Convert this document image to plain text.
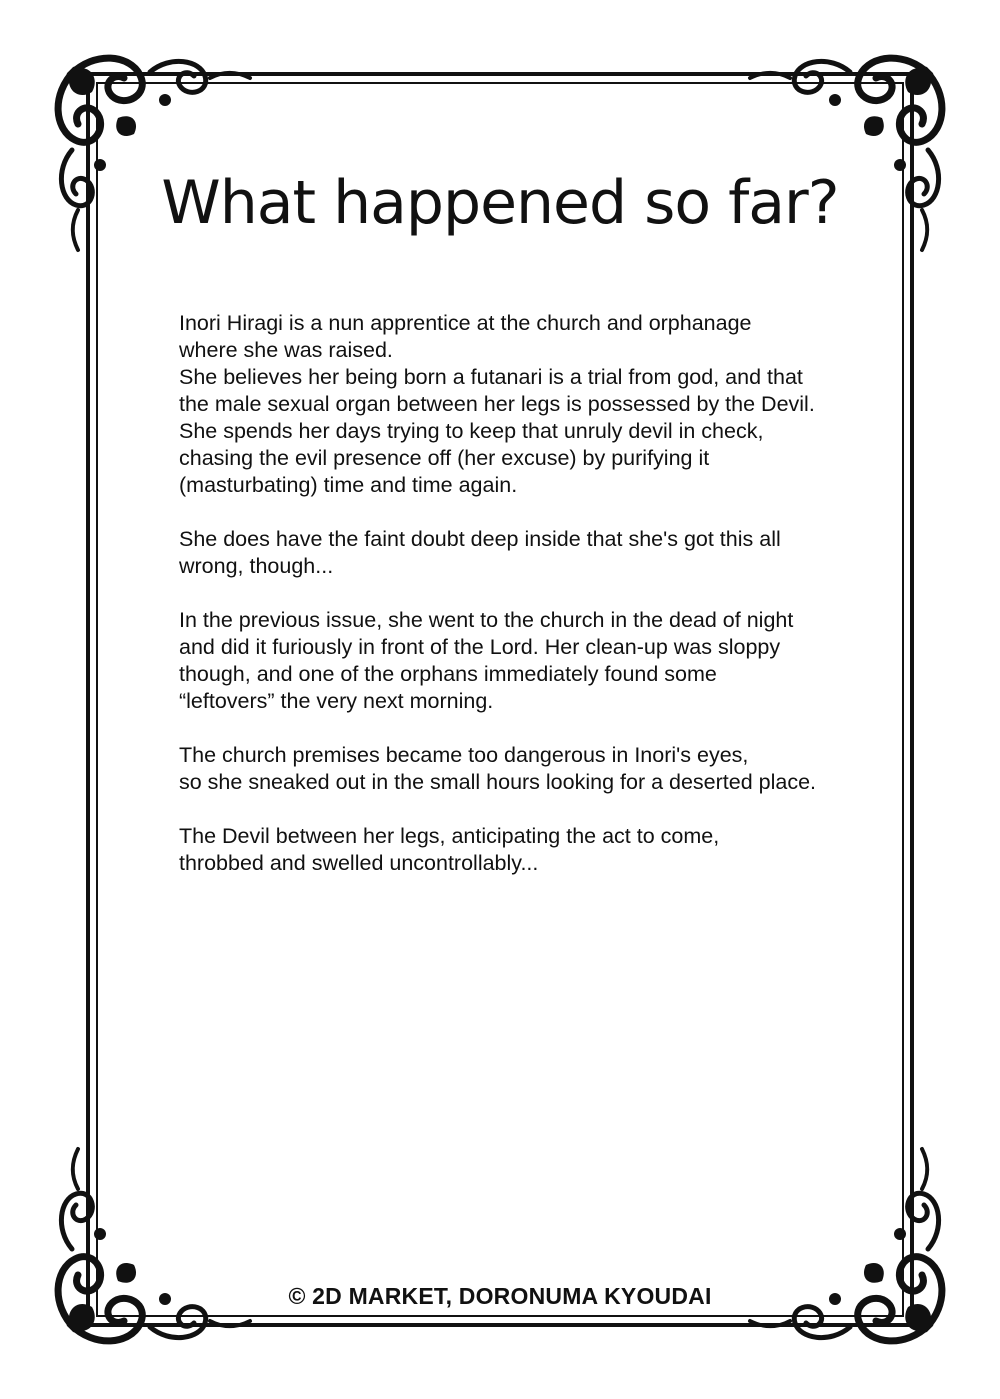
What happened so far?

Inori Hiragi is a nun apprentice at the church and orphanage
where she was raised.
She believes her being born a futanari is a trial from god, and that
the male sexual organ between her legs is possessed by the Devil.
She spends her days trying to keep that unruly devil in check,
chasing the evil presence off (her excuse) by purifying it
(masturbating) time and time again.

She does have the faint doubt deep inside that she's got this all
wrong, though...

In the previous issue, she went to the church in the dead of night
and did it furiously in front of the Lord. Her clean-up was sloppy
though, and one of the orphans immediately found some
“leftovers” the very next morning.

The church premises became too dangerous in Inori's eyes,
so she sneaked out in the small hours looking for a deserted place.

The Devil between her legs, anticipating the act to come,
throbbed and swelled uncontrollably...

© 2D MARKET, DORONUMA KYOUDAI
